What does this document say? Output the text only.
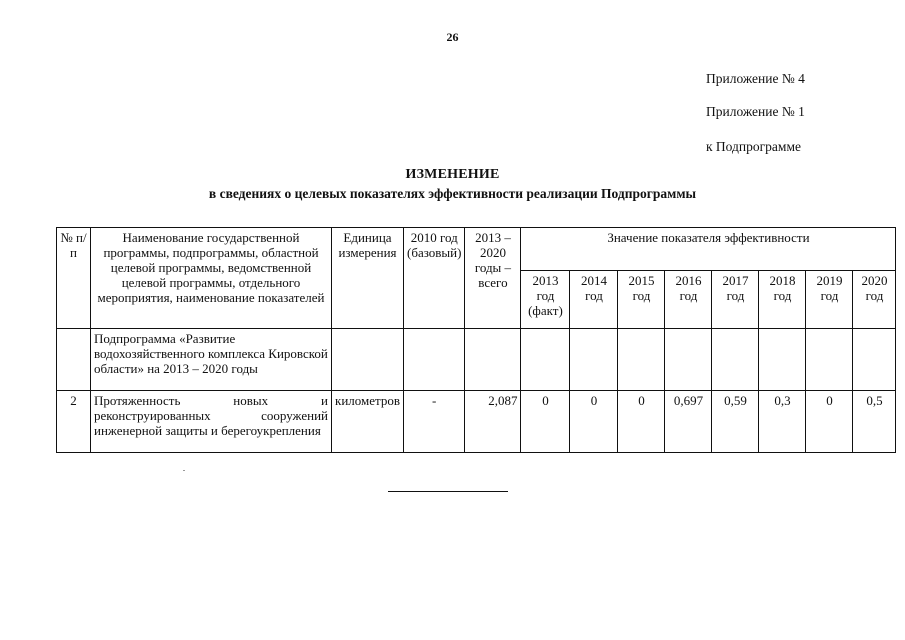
26
Приложение № 4
Приложение № 1
к Подпрограмме
ИЗМЕНЕНИЕ
в сведениях о целевых показателях эффективности реализации Подпрограммы
№ п/п	Наименование государственной программы, подпрограммы, областной целевой программы, ведомственной целевой программы, отдельного мероприятия, наименование показателей	Единица измерения	2010 год (базовый)	2013 – 2020 годы – всего	Значение показателя эффективности							
					2013 год (факт)	2014 год	2015 год	2016 год	2017 год	2018 год	2019 год	2020 год
	Подпрограмма «Развитие водохозяйственного комплекса Кировской области» на 2013 – 2020 годы											
2	Протяженность новых и реконструированных сооружений инженерной защиты и берегоукрепления	километров	-	2,087	0	0	0	0,697	0,59	0,3	0	0,5
